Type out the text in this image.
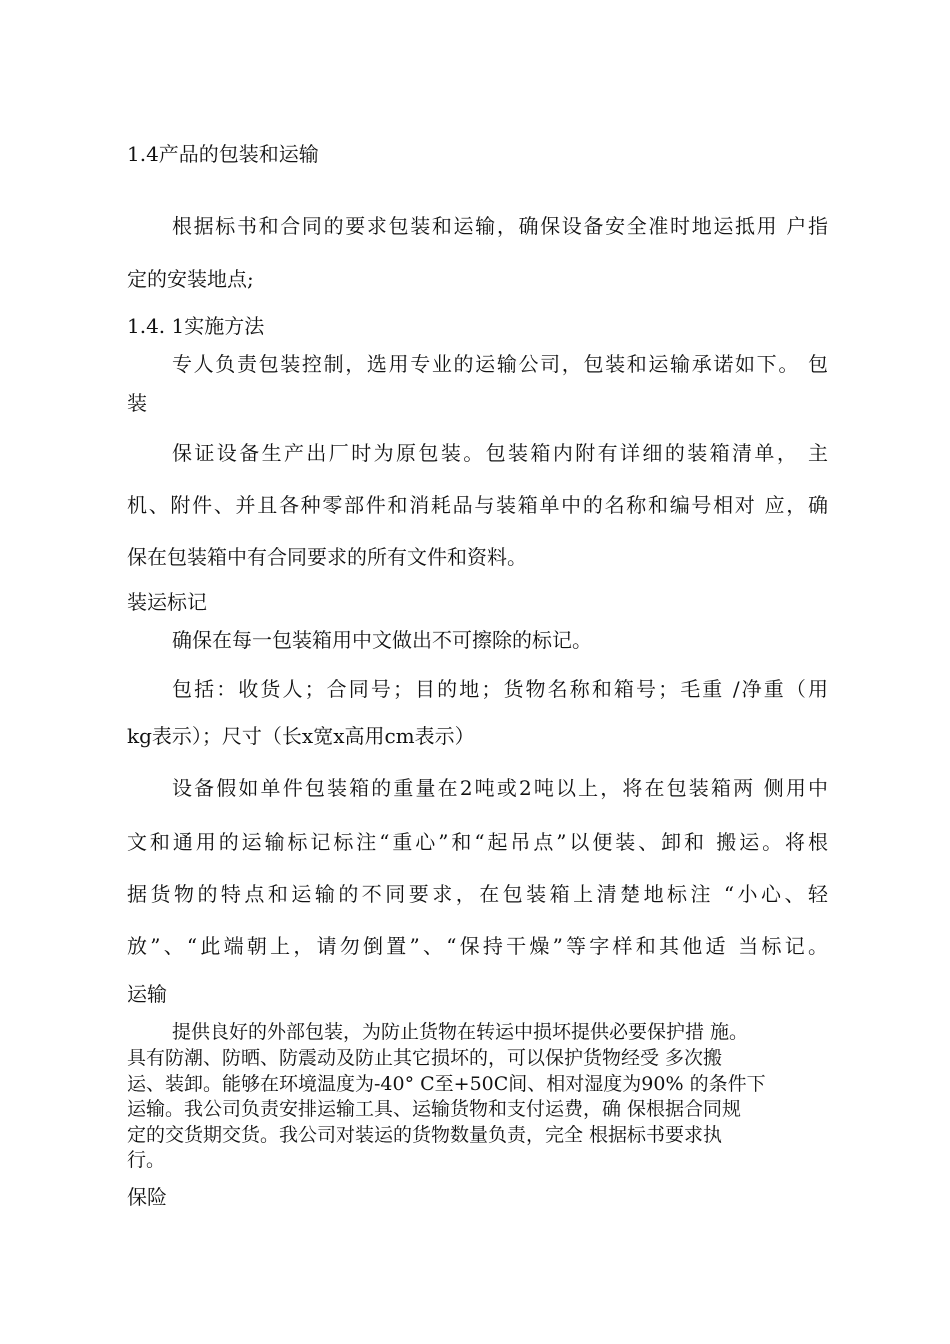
1.4产品的包装和运输
根据标书和合同的要求包装和运输，确保设备安全准时地运抵用 户指
定的安装地点;
1.4. 1实施方法
专人负责包装控制，选用专业的运输公司，包装和运输承诺如下。 包
装
保证设备生产出厂时为原包装。包装箱内附有详细的装箱清单， 主
机、附件、并且各种零部件和消耗品与装箱单中的名称和编号相对 应，确
保在包装箱中有合同要求的所有文件和资料。
装运标记
确保在每一包装箱用中文做出不可擦除的标记。
包括：收货人；合同号；目的地；货物名称和箱号；毛重 /净重（用
kg表示）；尺寸（长x宽x高用cm表示）
设备假如单件包装箱的重量在2吨或2吨以上，将在包装箱两 侧用中
文和通用的运输标记标注“重心”和“起吊点”以便装、卸和 搬运。将根
据货物的特点和运输的不同要求，在包装箱上清楚地标注 “小心、轻
放”、“此端朝上，请勿倒置”、“保持干燥”等字样和其他适 当标记。
运输
提供良好的外部包装，为防止货物在转运中损坏提供必要保护措 施。
具有防潮、防晒、防震动及防止其它损坏的，可以保护货物经受 多次搬
运、装卸。能够在环境温度为-40° C至+50C间、相对湿度为90% 的条件下
运输。我公司负责安排运输工具、运输货物和支付运费，确 保根据合同规
定的交货期交货。我公司对装运的货物数量负责，完全 根据标书要求执
行。
保险
